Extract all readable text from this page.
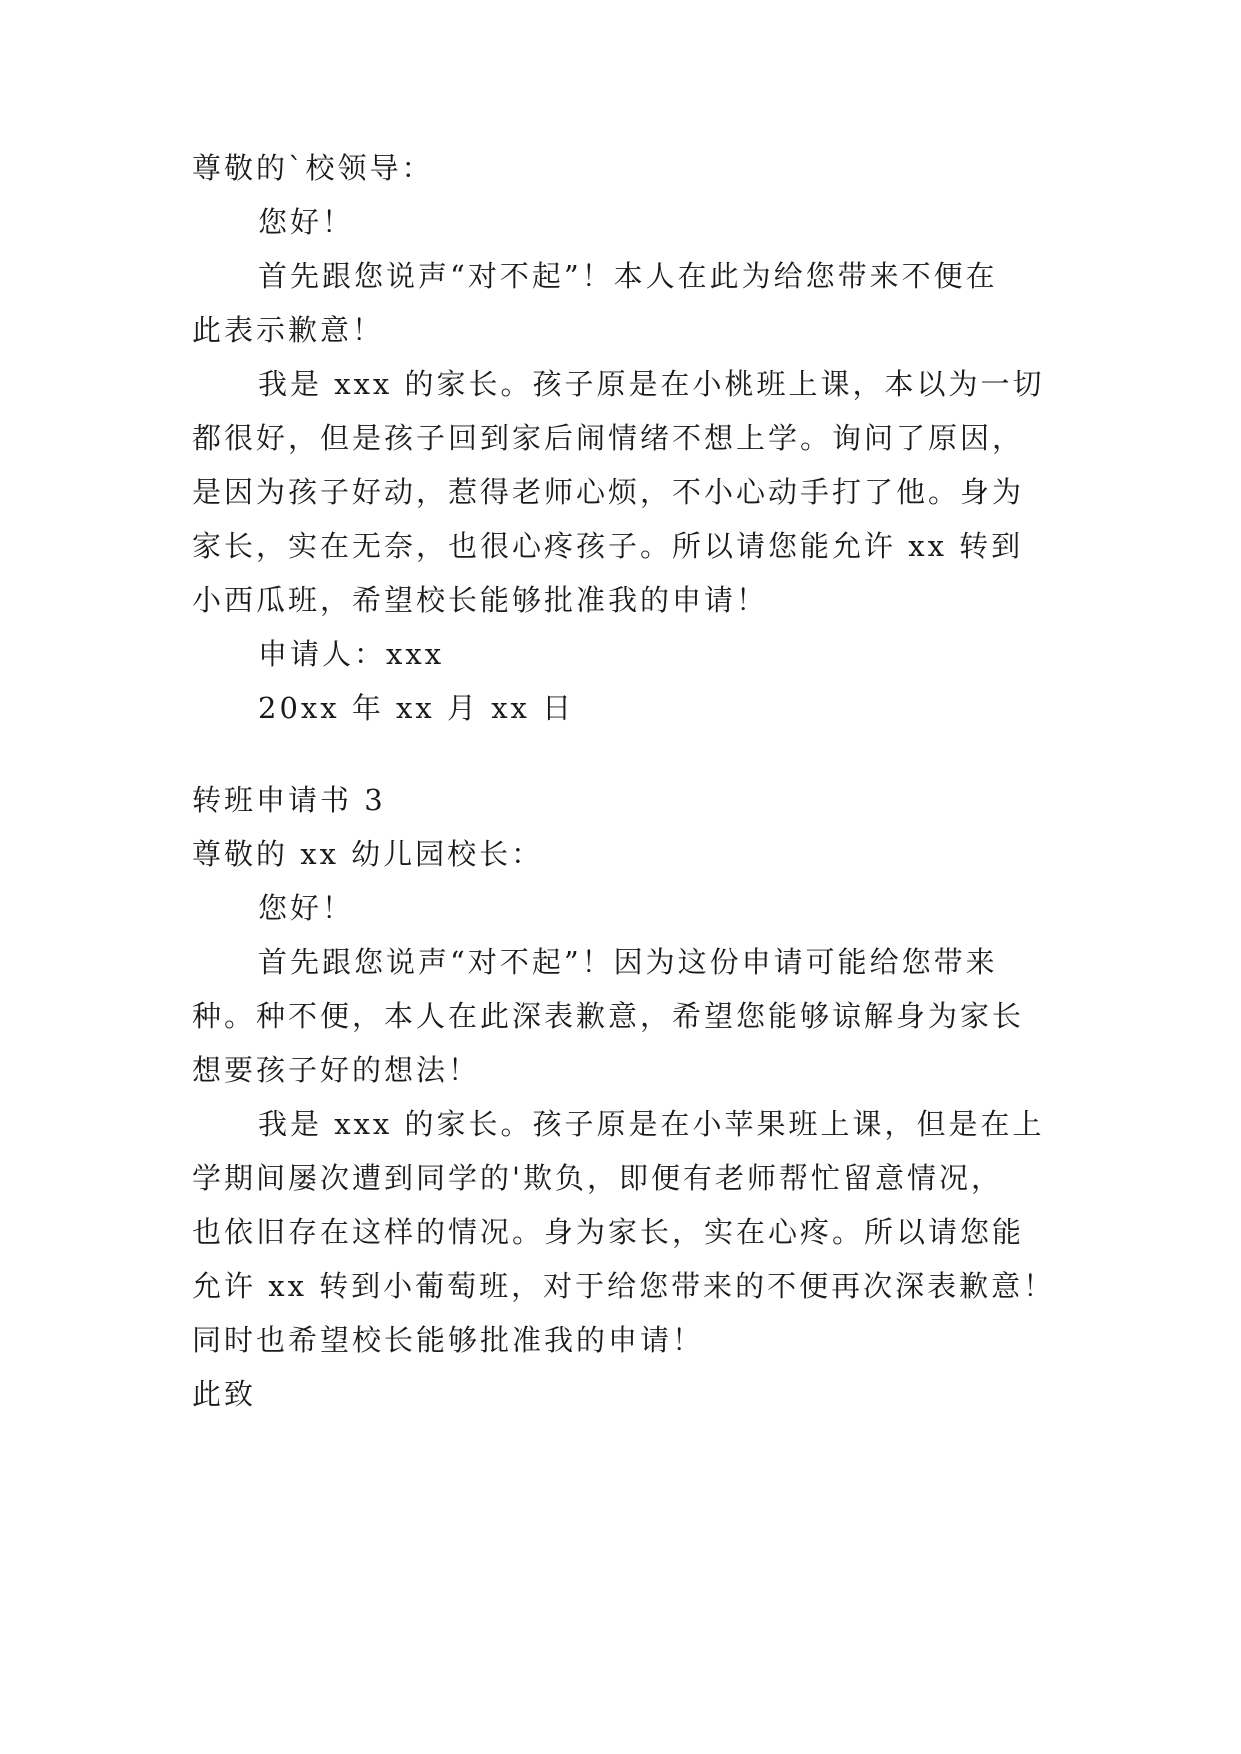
尊敬的`校领导：
您好！
首先跟您说声“对不起”！本人在此为给您带来不便在
此表示歉意！
我是 xxx 的家长。孩子原是在小桃班上课，本以为一切
都很好，但是孩子回到家后闹情绪不想上学。询问了原因，
是因为孩子好动，惹得老师心烦，不小心动手打了他。身为
家长，实在无奈，也很心疼孩子。所以请您能允许 xx 转到
小西瓜班，希望校长能够批准我的申请！
申请人：xxx
20xx 年 xx 月 xx 日
转班申请书 3
尊敬的 xx 幼儿园校长：
您好！
首先跟您说声“对不起”！因为这份申请可能给您带来
种。种不便，本人在此深表歉意，希望您能够谅解身为家长
想要孩子好的想法！
我是 xxx 的家长。孩子原是在小苹果班上课，但是在上
学期间屡次遭到同学的'欺负，即便有老师帮忙留意情况，
也依旧存在这样的情况。身为家长，实在心疼。所以请您能
允许 xx 转到小葡萄班，对于给您带来的不便再次深表歉意！
同时也希望校长能够批准我的申请！
此致
